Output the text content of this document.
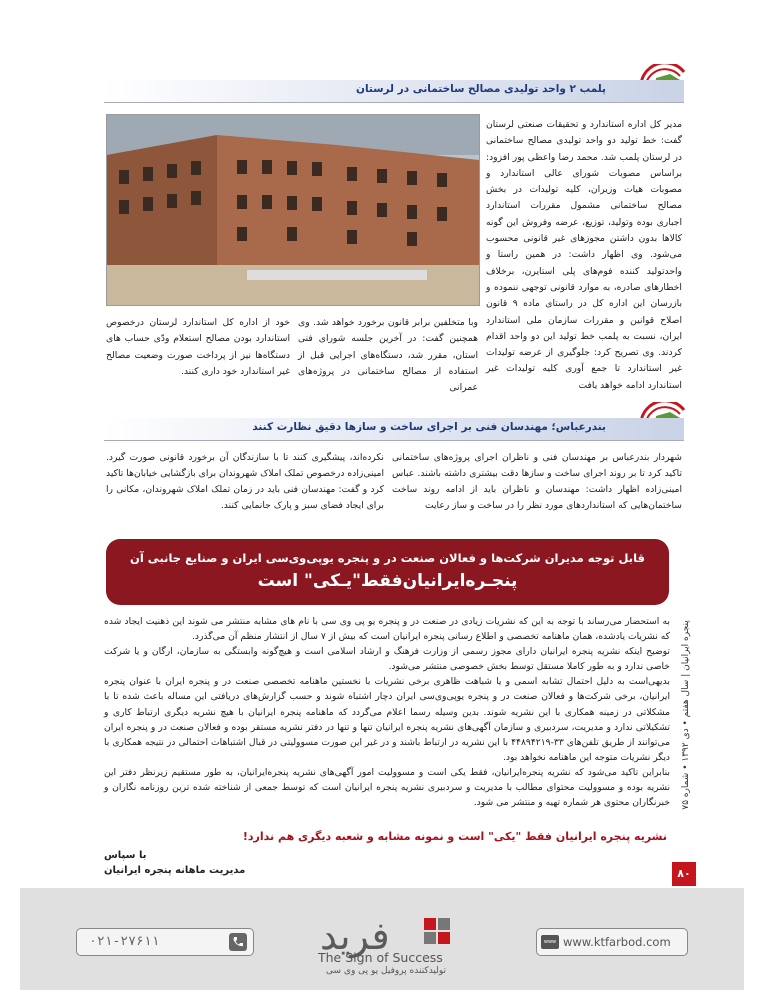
پلمب ۲ واحد تولیدی مصالح ساختمانی در لرستان
مدیر کل اداره استاندارد و تحقیقات صنعتی لرستان گفت: خط تولید دو واحد تولیدی مصالح ساختمانی در لرستان پلمب شد. محمد رضا واعظی پور افزود: براساس مصوبات شورای عالی استاندارد و مصوبات هیات وزیران، کلیه تولیدات در بخش مصالح ساختمانی مشمول مقررات استاندارد اجباری بوده وتولید، توزیع، عرضه وفروش این گونه کالاها بدون داشتن مجوزهای غیر قانونی محسوب می‌شود. وی اظهار داشت: در همین راستا و واحدتولید کننده فوم‌های پلی استایرن، برخلاف اخطارهای صادره، به موارد قانونی توجهی ننموده و بازرسان این اداره کل در راستای ماده ۹ قانون اصلاح قوانین و مقررات سازمان ملی استاندارد ایران، نسبت به پلمب خط تولید این دو واحد اقدام کردند. وی تصریح کرد: جلوگیری از عرضه تولیدات غیر استاندارد تا جمع آوری کلیه تولیدات غیر استاندارد ادامه خواهد یافت
وبا متخلفین برابر قانون برخورد خواهد شد. وی همچنین گفت: در آخرین جلسه شورای فنی استان، مقرر شد، دستگاه‌های اجرایی قبل از استفاده از مصالح ساختمانی در پروژه‌های عمرانی
خود از اداره کل استاندارد لرستان درخصوص استاندارد بودن مصالح استعلام ودّی حساب های دستگاه‌ها نیز از پرداخت صورت وضعیت مصالح غیر استاندارد خود داری کنند.
بندرعباس؛ مهندسان فنی بر اجرای ساخت و سازها دقیق نظارت کنند
شهردار بندرعباس بر مهندسان فنی و ناظران اجرای پروژه‌های ساختمانی تاکید کرد تا بر روند اجرای ساخت و سازها دقت بیشتری داشته باشند. عباس امینی‌زاده اظهار داشت: مهندسان و ناظران باید از ادامه روند ساخت ساختمان‌هایی که استانداردهای مورد نظر را در ساخت و ساز رعایت
نکرده‌اند، پیشگیری کنند تا با سازندگان آن برخورد قانونی صورت گیرد. امینی‌زاده درخصوص تملک املاک شهروندان برای بازگشایی خیابان‌ها تاکید کرد و گفت: مهندسان فنی باید در زمان تملک املاک شهروندان، مکانی را برای ایجاد فضای سبز و پارک جانمایی کنند.
قابل توجه مدیران شرکت‌ها و فعالان صنعت در و پنجره یوپی‌وی‌سی ایران و صنایع جانبی آن
پنجـره‌ایرانیان‌فقط"یـکی" است

به استحضار می‌رساند با توجه به این که نشریات زیادی در صنعت در و پنجره یو پی وی سی با نام های مشابه منتشر می شوند این ذهنیت ایجاد شده که نشریات یادشده، همان ماهنامه تخصصی و اطلاع رسانی پنجره ایرانیان است که بیش از ۷ سال از انتشار منظم آن می‌گذرد.

توضیح اینکه نشریه پنجره ایرانیان دارای مجوز رسمی از وزارت فرهنگ و ارشاد اسلامی است و هیچ‌گونه وابستگی به سازمان، ارگان و یا شرکت خاصی ندارد و به طور کاملا مستقل توسط بخش خصوصی منتشر می‌شود.

بدیهی‌است به دلیل احتمال تشابه اسمی و یا شباهت ظاهری برخی نشریات با نخستین ماهنامه تخصصی صنعت در و پنجره ایران با عنوان پنجره ایرانیان، برخی شرکت‌ها و فعالان صنعت در و پنجره یوپی‌وی‌سی ایران دچار اشتباه شوند و حسب گزارش‌های دریافتی این مساله باعث شده تا با مشکلاتی در زمینه همکاری با این نشریه شوند. بدین وسیله رسما اعلام می‌گردد که ماهنامه پنجره ایرانیان با هیچ نشریه دیگری ارتباط کاری و تشکیلاتی ندارد و مدیریت، سردبیری و سازمان آگهی‌های نشریه پنجره ایرانیان تنها و تنها در دفتر نشریه مستقر بوده و فعالان صنعت در و پنجره ایران می‌توانند از طریق تلفن‌های ۳۳-۴۴۸۹۴۲۱۹ با این نشریه در ارتباط باشند و در غیر این صورت مسوولیتی در قبال اشتباهات احتمالی در نتیجه همکاری با دیگر نشریات متوجه این ماهنامه نخواهد بود.

بنابراین تاکید می‌شود که نشریه پنجره‌ایرانیان، فقط یکی است و مسوولیت امور آگهی‌های نشریه پنجره‌ایرانیان، به طور مستقیم زیرنظر دفتر این نشریه بوده و مسوولیت محتوای مطالب با مدیریت و سردبیری نشریه پنجره ایرانیان است که توسط جمعی از شناخته شده ترین روزنامه نگاران و خبرنگاران محتوی هر شماره تهیه و منتشر می شود.

نشریه پنجره ایرانیان فقط "یکی" است و نمونه مشابه و شعبه دیگری هم ندارد!
با سپاس
مدیریت ماهانه پنجره ایرانیان
پنجره ایرانیان | سال هفتم • دی ۱۳۹۲ • شماره ۷۵
۸۰
۰۲۱-۲۷۶۱۱	فرید
The Sign of Success
تولیدکننده پروفیل یو پی وی سی
www www.ktfarbod.com
